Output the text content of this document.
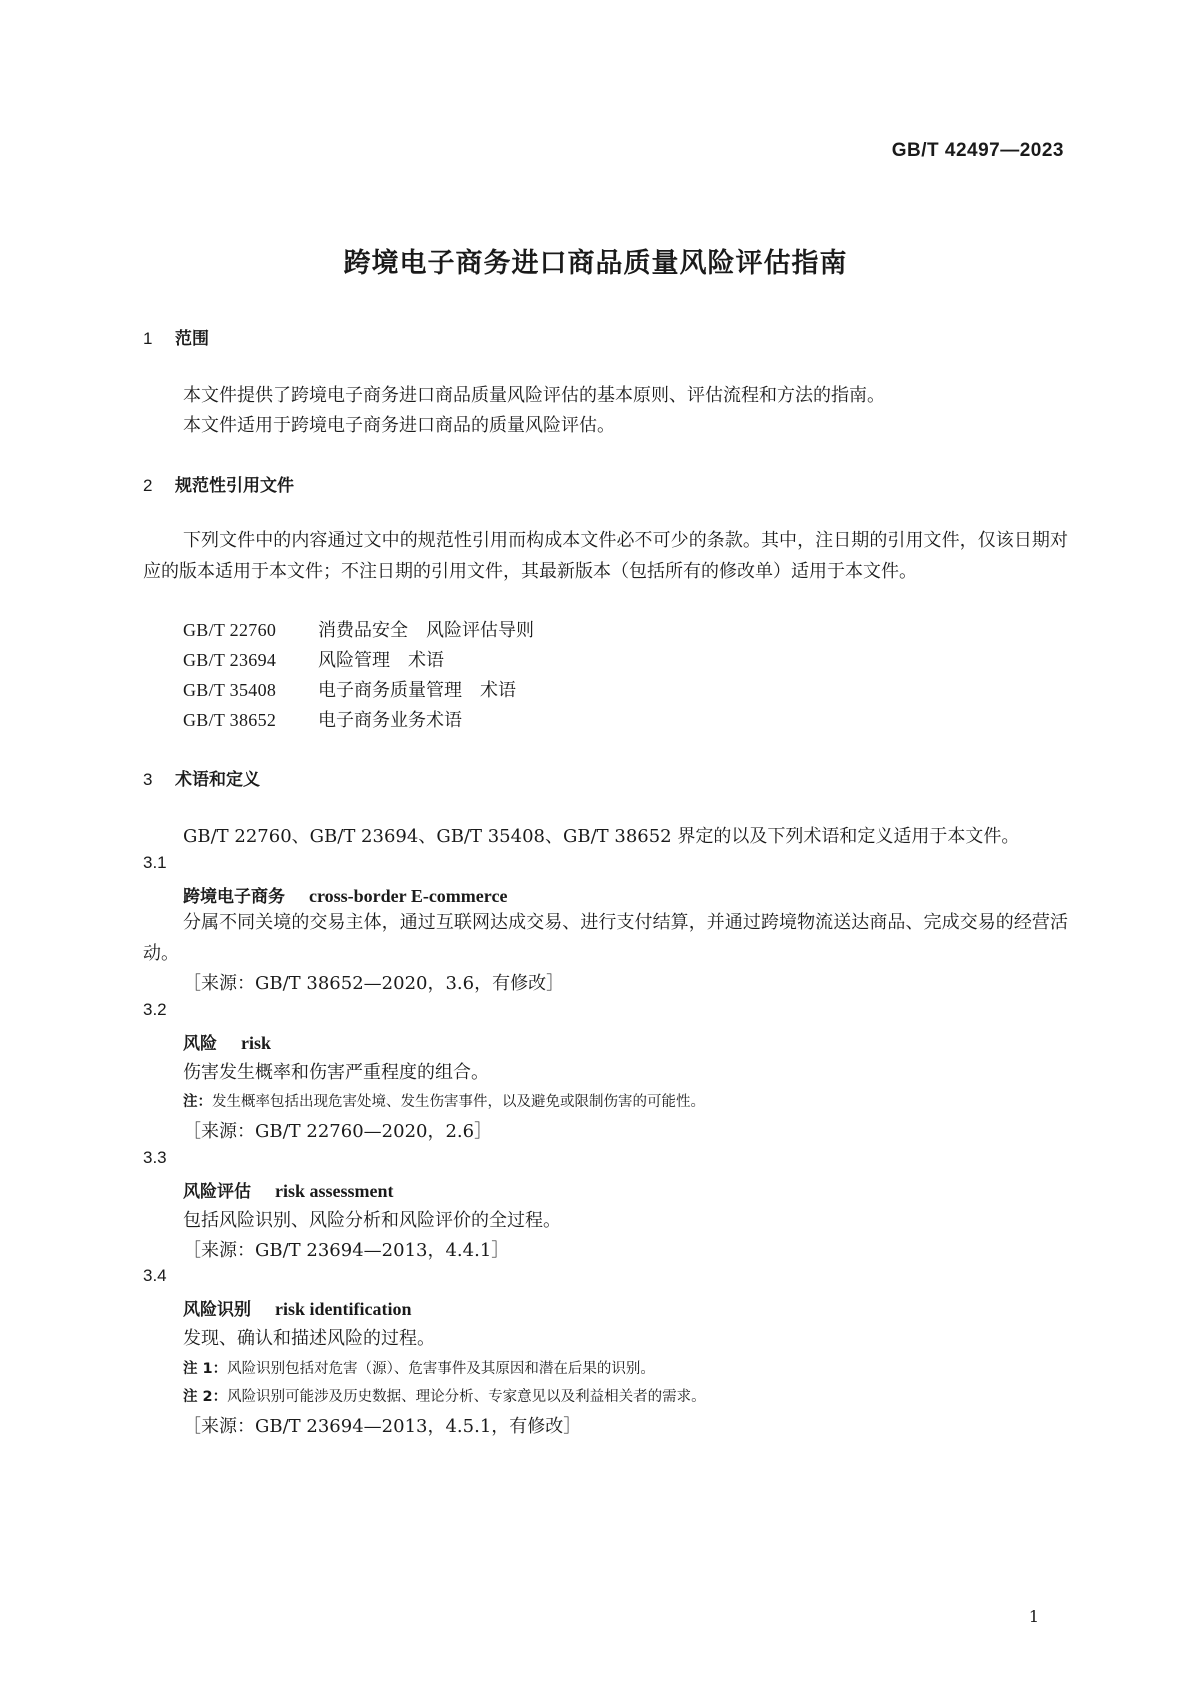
GB/T 42497—2023
跨境电子商务进口商品质量风险评估指南
1 范围
本文件提供了跨境电子商务进口商品质量风险评估的基本原则、评估流程和方法的指南。
本文件适用于跨境电子商务进口商品的质量风险评估。
2 规范性引用文件
下列文件中的内容通过文中的规范性引用而构成本文件必不可少的条款。其中，注日期的引用文件，仅该日期对应的版本适用于本文件；不注日期的引用文件，其最新版本（包括所有的修改单）适用于本文件。
GB/T 22760 消费品安全　风险评估导则
GB/T 23694 风险管理　术语
GB/T 35408 电子商务质量管理　术语
GB/T 38652 电子商务业务术语
3 术语和定义
GB/T 22760、GB/T 23694、GB/T 35408、GB/T 38652 界定的以及下列术语和定义适用于本文件。
3.1
跨境电子商务 cross-border E-commerce
分属不同关境的交易主体，通过互联网达成交易、进行支付结算，并通过跨境物流送达商品、完成交易的经营活动。
［来源：GB/T 38652—2020，3.6，有修改］
3.2
风险 risk
伤害发生概率和伤害严重程度的组合。
注：发生概率包括出现危害处境、发生伤害事件，以及避免或限制伤害的可能性。
［来源：GB/T 22760—2020，2.6］
3.3
风险评估 risk assessment
包括风险识别、风险分析和风险评价的全过程。
［来源：GB/T 23694—2013，4.4.1］
3.4
风险识别 risk identification
发现、确认和描述风险的过程。
注 1：风险识别包括对危害（源）、危害事件及其原因和潜在后果的识别。
注 2：风险识别可能涉及历史数据、理论分析、专家意见以及利益相关者的需求。
［来源：GB/T 23694—2013，4.5.1，有修改］
1
